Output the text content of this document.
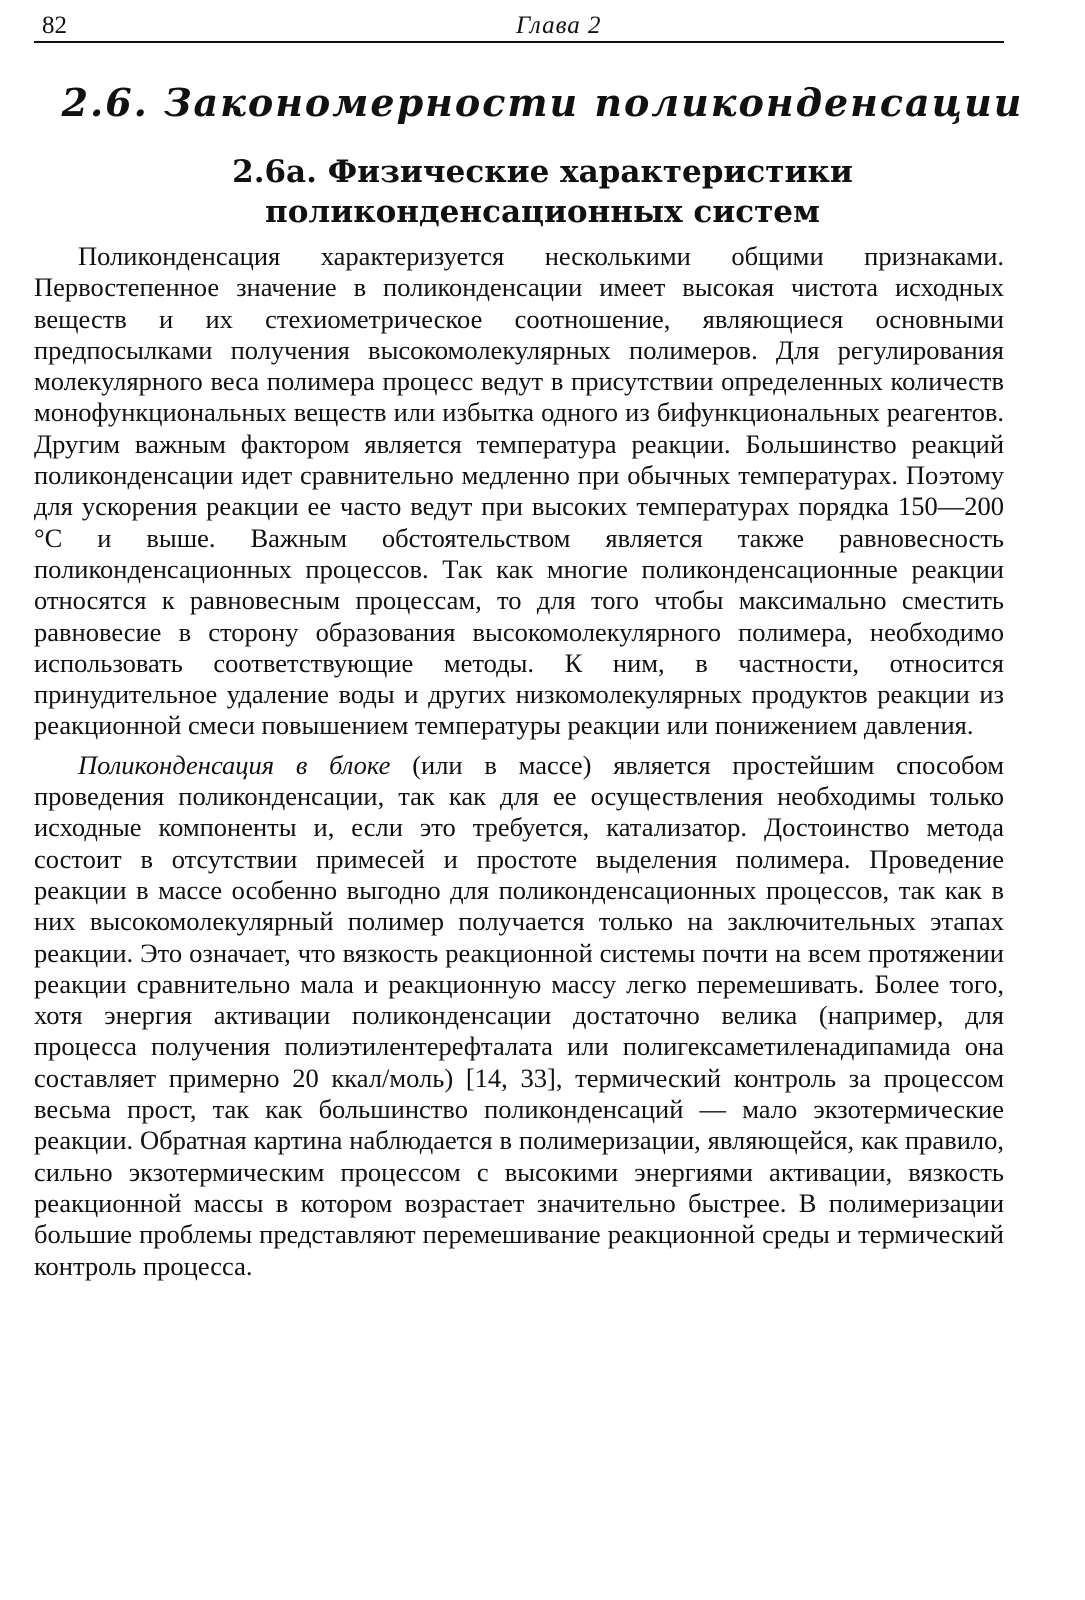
82	Глава 2
2.6. Закономерности поликонденсации
2.6а. Физические характеристики
поликонденсационных систем

Поликонденсация характеризуется несколькими общими признаками. Первостепенное значение в поликонденсации имеет высокая чистота исходных веществ и их стехиометрическое соотношение, являющиеся основными предпосылками получения высокомолекулярных полимеров. Для регулирования молекулярного веса полимера процесс ведут в присутствии определенных количеств монофункциональных веществ или избытка одного из бифункциональных реагентов. Другим важным фактором является температура реакции. Большинство реакций поликонденсации идет сравнительно медленно при обычных температурах. Поэтому для ускорения реакции ее часто ведут при высоких температурах порядка 150—200 °С и выше. Важным обстоятельством является также равновесность поликонденсационных процессов. Так как многие поликонденсационные реакции относятся к равновесным процессам, то для того чтобы максимально сместить равновесие в сторону образования высокомолекулярного полимера, необходимо использовать соответствующие методы. К ним, в частности, относится принудительное удаление воды и других низкомолекулярных продуктов реакции из реакционной смеси повышением температуры реакции или понижением давления.

Поликонденсация в блоке (или в массе) является простейшим способом проведения поликонденсации, так как для ее осуществления необходимы только исходные компоненты и, если это требуется, катализатор. Достоинство метода состоит в отсутствии примесей и простоте выделения полимера. Проведение реакции в массе особенно выгодно для поликонденсационных процессов, так как в них высокомолекулярный полимер получается только на заключительных этапах реакции. Это означает, что вязкость реакционной системы почти на всем протяжении реакции сравнительно мала и реакционную массу легко перемешивать. Более того, хотя энергия активации поликонденсации достаточно велика (например, для процесса получения полиэтилентерефталата или полигексаметиленадипамида она составляет примерно 20 ккал/моль) [14, 33], термический контроль за процессом весьма прост, так как большинство поликонденсаций — мало экзотермические реакции. Обратная картина наблюдается в полимеризации, являющейся, как правило, сильно экзотермическим процессом с высокими энергиями активации, вязкость реакционной массы в котором возрастает значительно быстрее. В полимеризации большие проблемы представляют перемешивание реакционной среды и термический контроль процесса.
